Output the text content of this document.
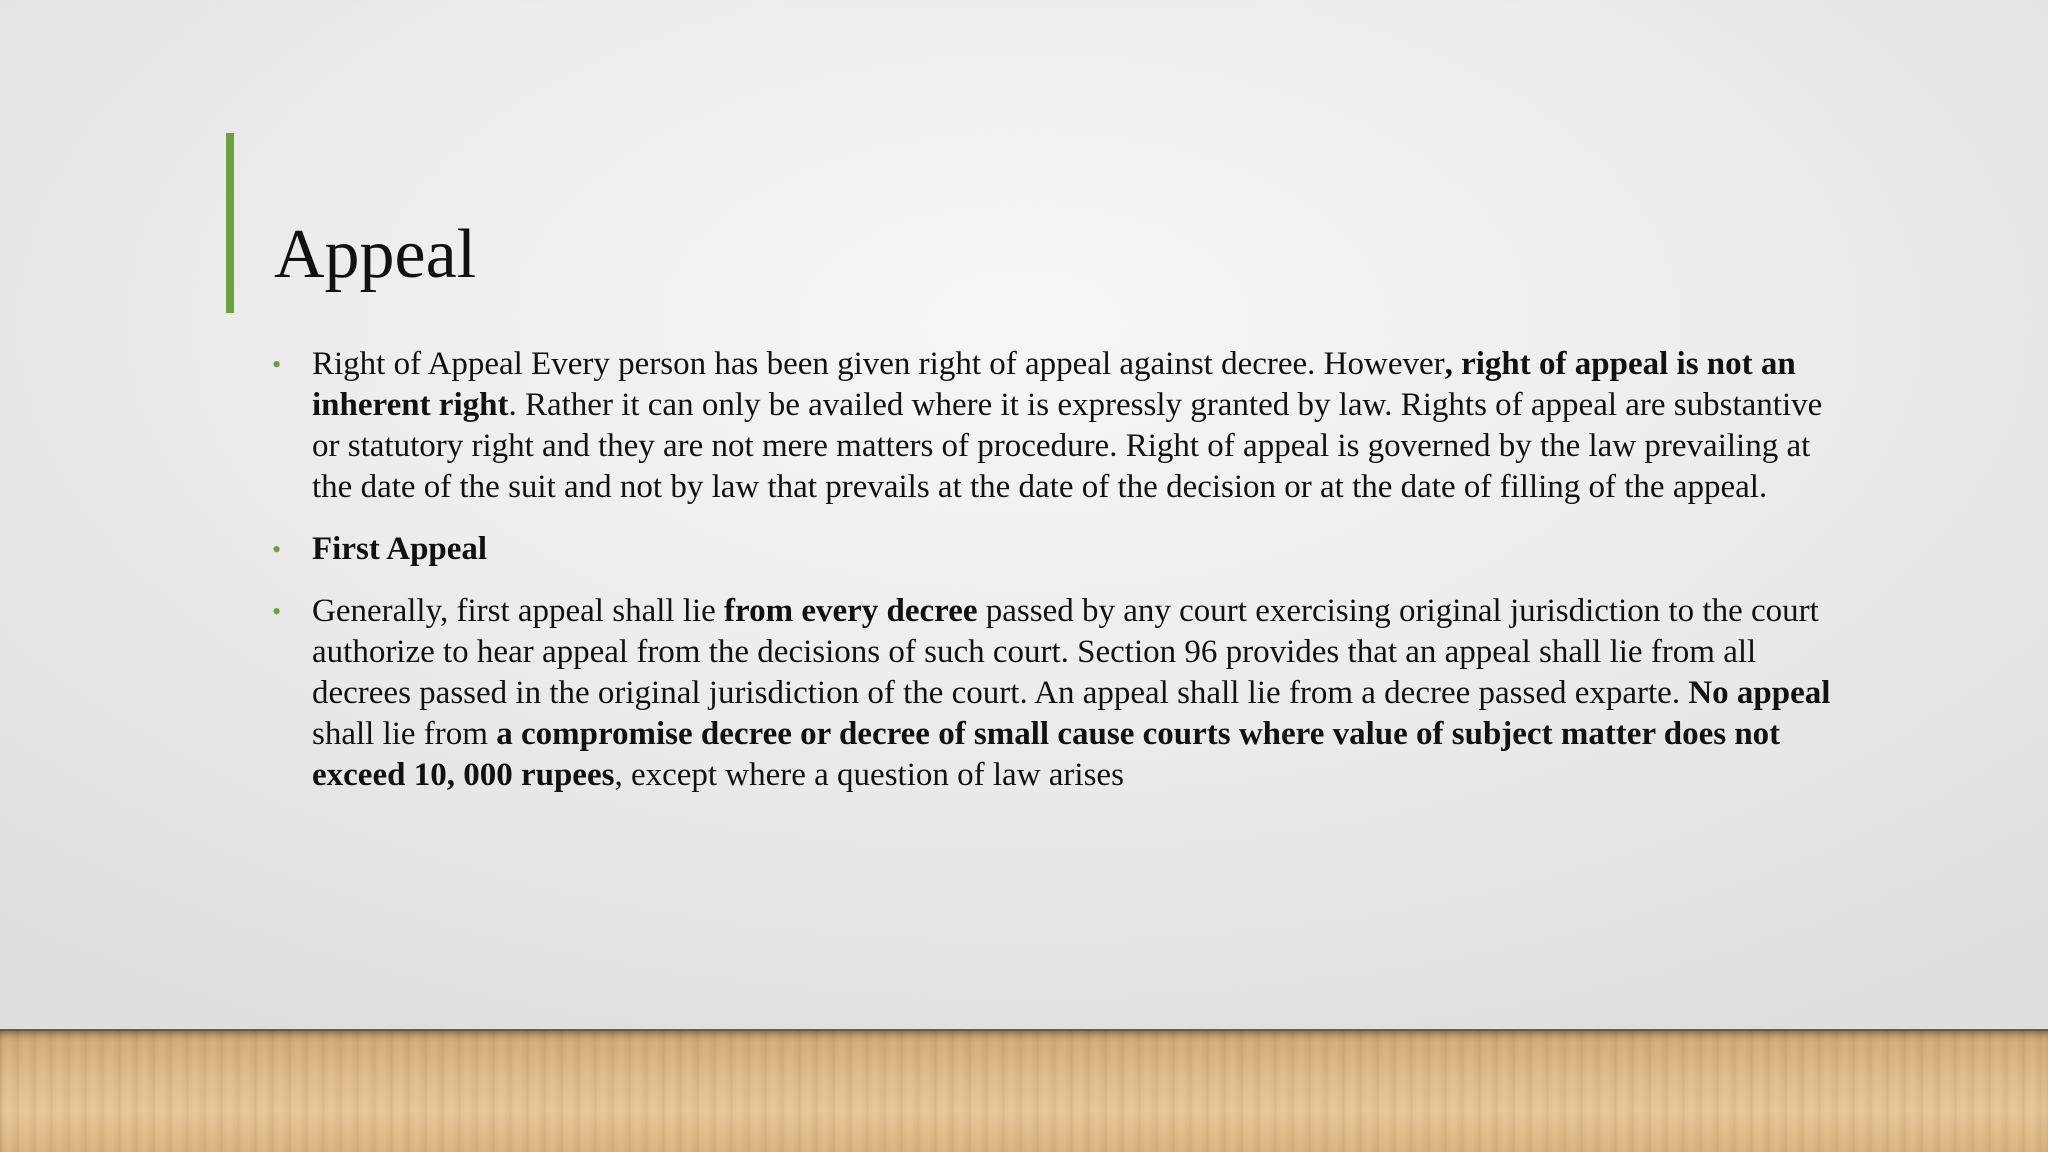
Appeal
• Right of Appeal Every person has been given right of appeal against decree. However, right of appeal is not an inherent right. Rather it can only be availed where it is expressly granted by law. Rights of appeal are substantive or statutory right and they are not mere matters of procedure. Right of appeal is governed by the law prevailing at the date of the suit and not by law that prevails at the date of the decision or at the date of filling of the appeal.
• First Appeal
• Generally, first appeal shall lie from every decree passed by any court exercising original jurisdiction to the court authorize to hear appeal from the decisions of such court. Section 96 provides that an appeal shall lie from all decrees passed in the original jurisdiction of the court. An appeal shall lie from a decree passed exparte. No appeal shall lie from a compromise decree or decree of small cause courts where value of subject matter does not exceed 10, 000 rupees, except where a question of law arises
